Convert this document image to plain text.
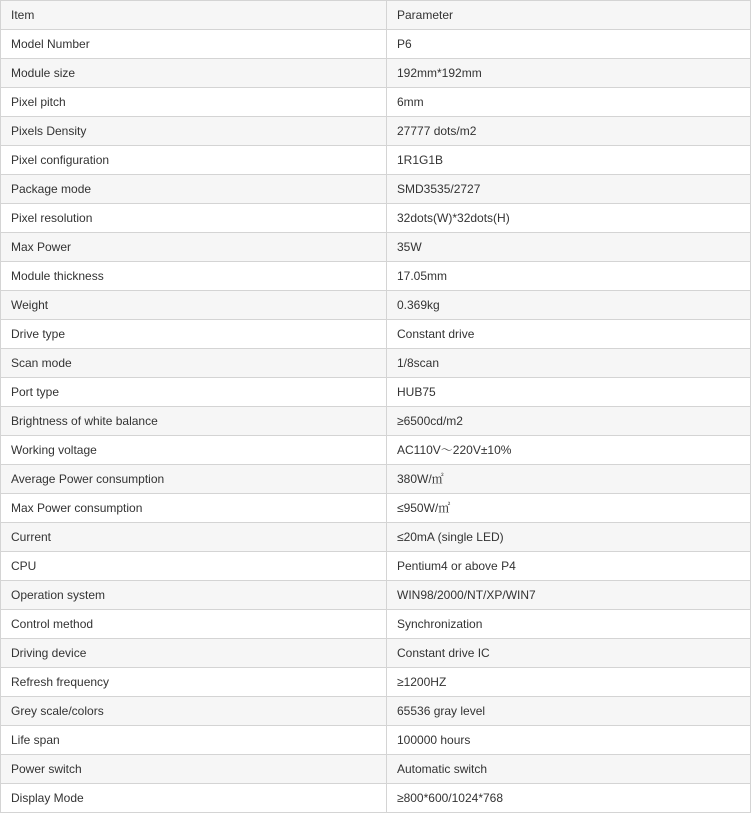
Item	Parameter
Model Number	P6
Module size	192mm*192mm
Pixel pitch	6mm
Pixels Density	27777 dots/m2
Pixel configuration	1R1G1B
Package mode	SMD3535/2727
Pixel resolution	32dots(W)*32dots(H)
Max Power	35W
Module thickness	17.05mm
Weight	0.369kg
Drive type	Constant drive
Scan mode	1/8scan
Port type	HUB75
Brightness of white balance	≥6500cd/m2
Working voltage	AC110V～220V±10%
Average Power consumption	380W/㎡
Max Power consumption	≤950W/㎡
Current	≤20mA (single LED)
CPU	Pentium4 or above P4
Operation system	WIN98/2000/NT/XP/WIN7
Control method	Synchronization
Driving device	Constant drive IC
Refresh frequency	≥1200HZ
Grey scale/colors	65536 gray level
Life span	100000 hours
Power switch	Automatic switch
Display Mode	≥800*600/1024*768
